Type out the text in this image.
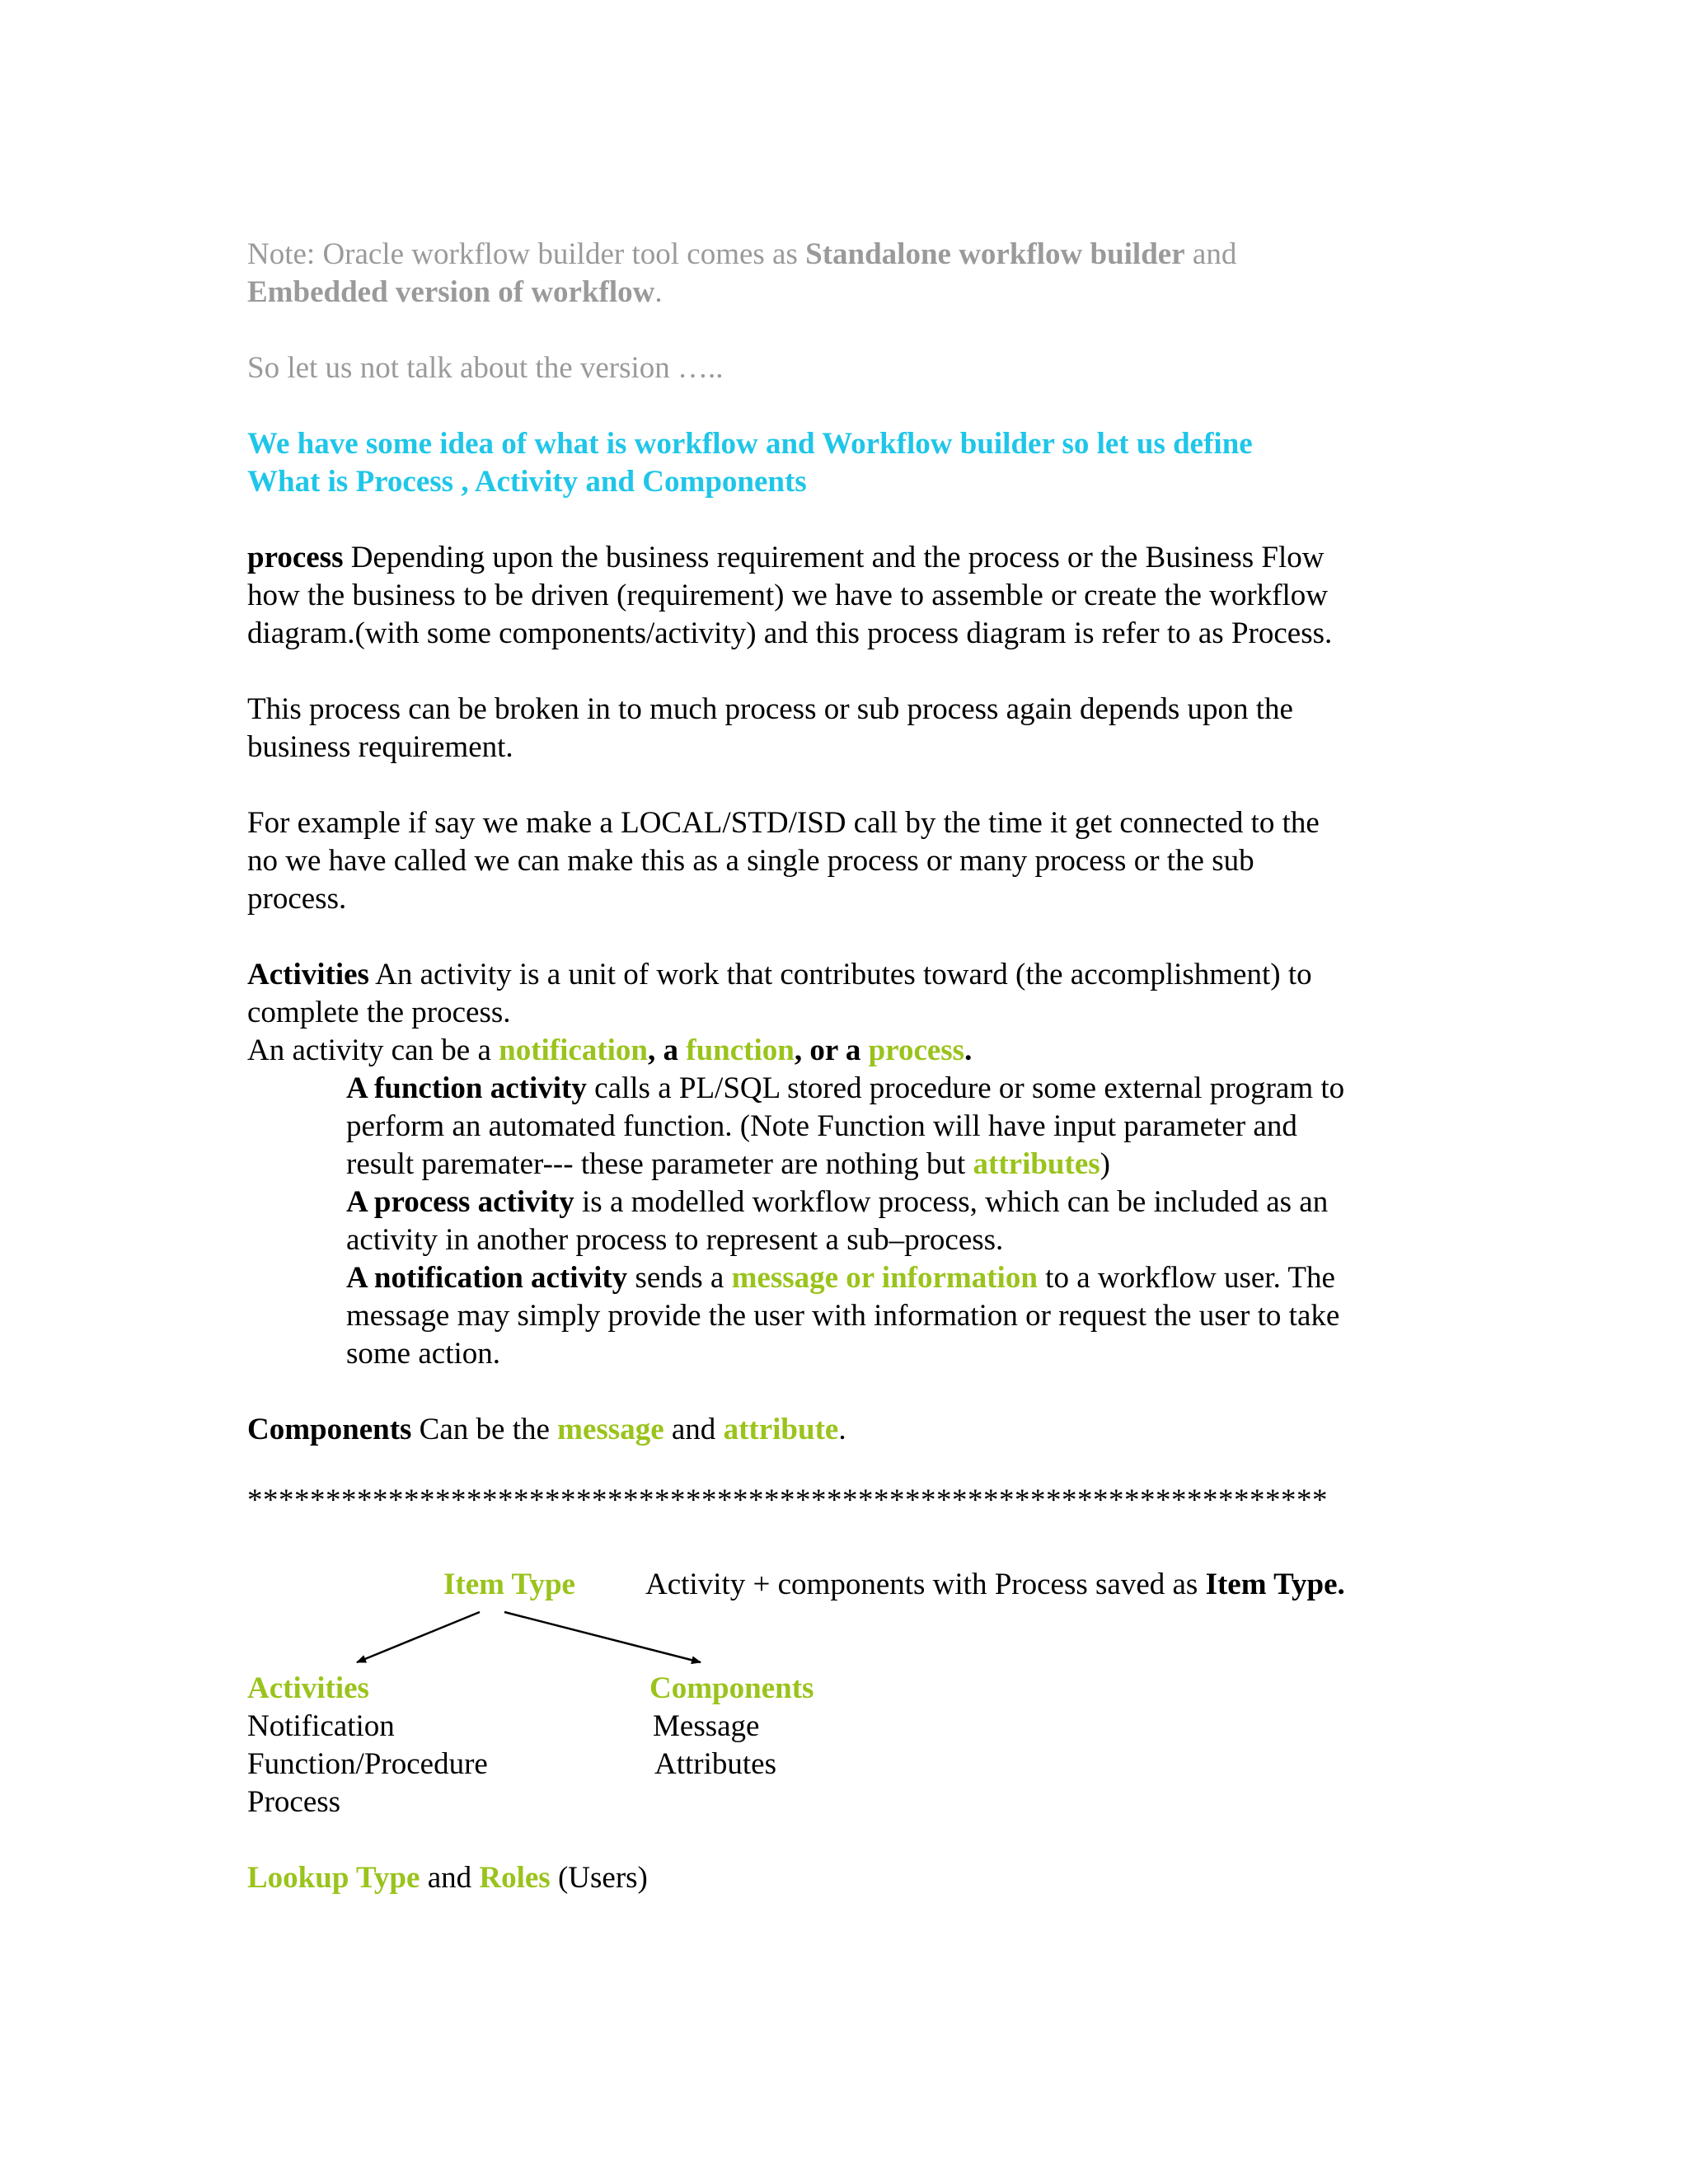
Note: Oracle workflow builder tool comes as Standalone workflow builder and

Embedded version of workflow.

So let us not talk about the version …..

We have some idea of what is workflow and Workflow builder so let us define

What is Process , Activity and Components

process Depending upon the business requirement and the process or the Business Flow

how the business to be driven (requirement) we have to assemble or create the workflow

diagram.(with some components/activity) and this process diagram is refer to as Process.

This process can be broken in to much process or sub process again depends upon the

business requirement.

For example if say we make a LOCAL/STD/ISD call by the time it get connected to the

no we have called we can make this as a single process or many process or the sub

process.

Activities An activity is a unit of work that contributes toward (the accomplishment) to

complete the process.

An activity can be a notification, a function, or a process.

A function activity calls a PL/SQL stored procedure or some external program to

perform an automated function. (Note Function will have input parameter and

result paremater--- these parameter are nothing but attributes)

A process activity is a modelled workflow process, which can be included as an

activity in another process to represent a sub–process.

A notification activity sends a message or information to a workflow user. The

message may simply provide the user with information or request the user to take

some action.

Components Can be the message and attribute.

*********************************************************************

Item Type Activity + components with Process saved as Item Type.
Activities
Notification
Function/Procedure
Process
Components
Message
Attributes

Lookup Type and Roles (Users)
